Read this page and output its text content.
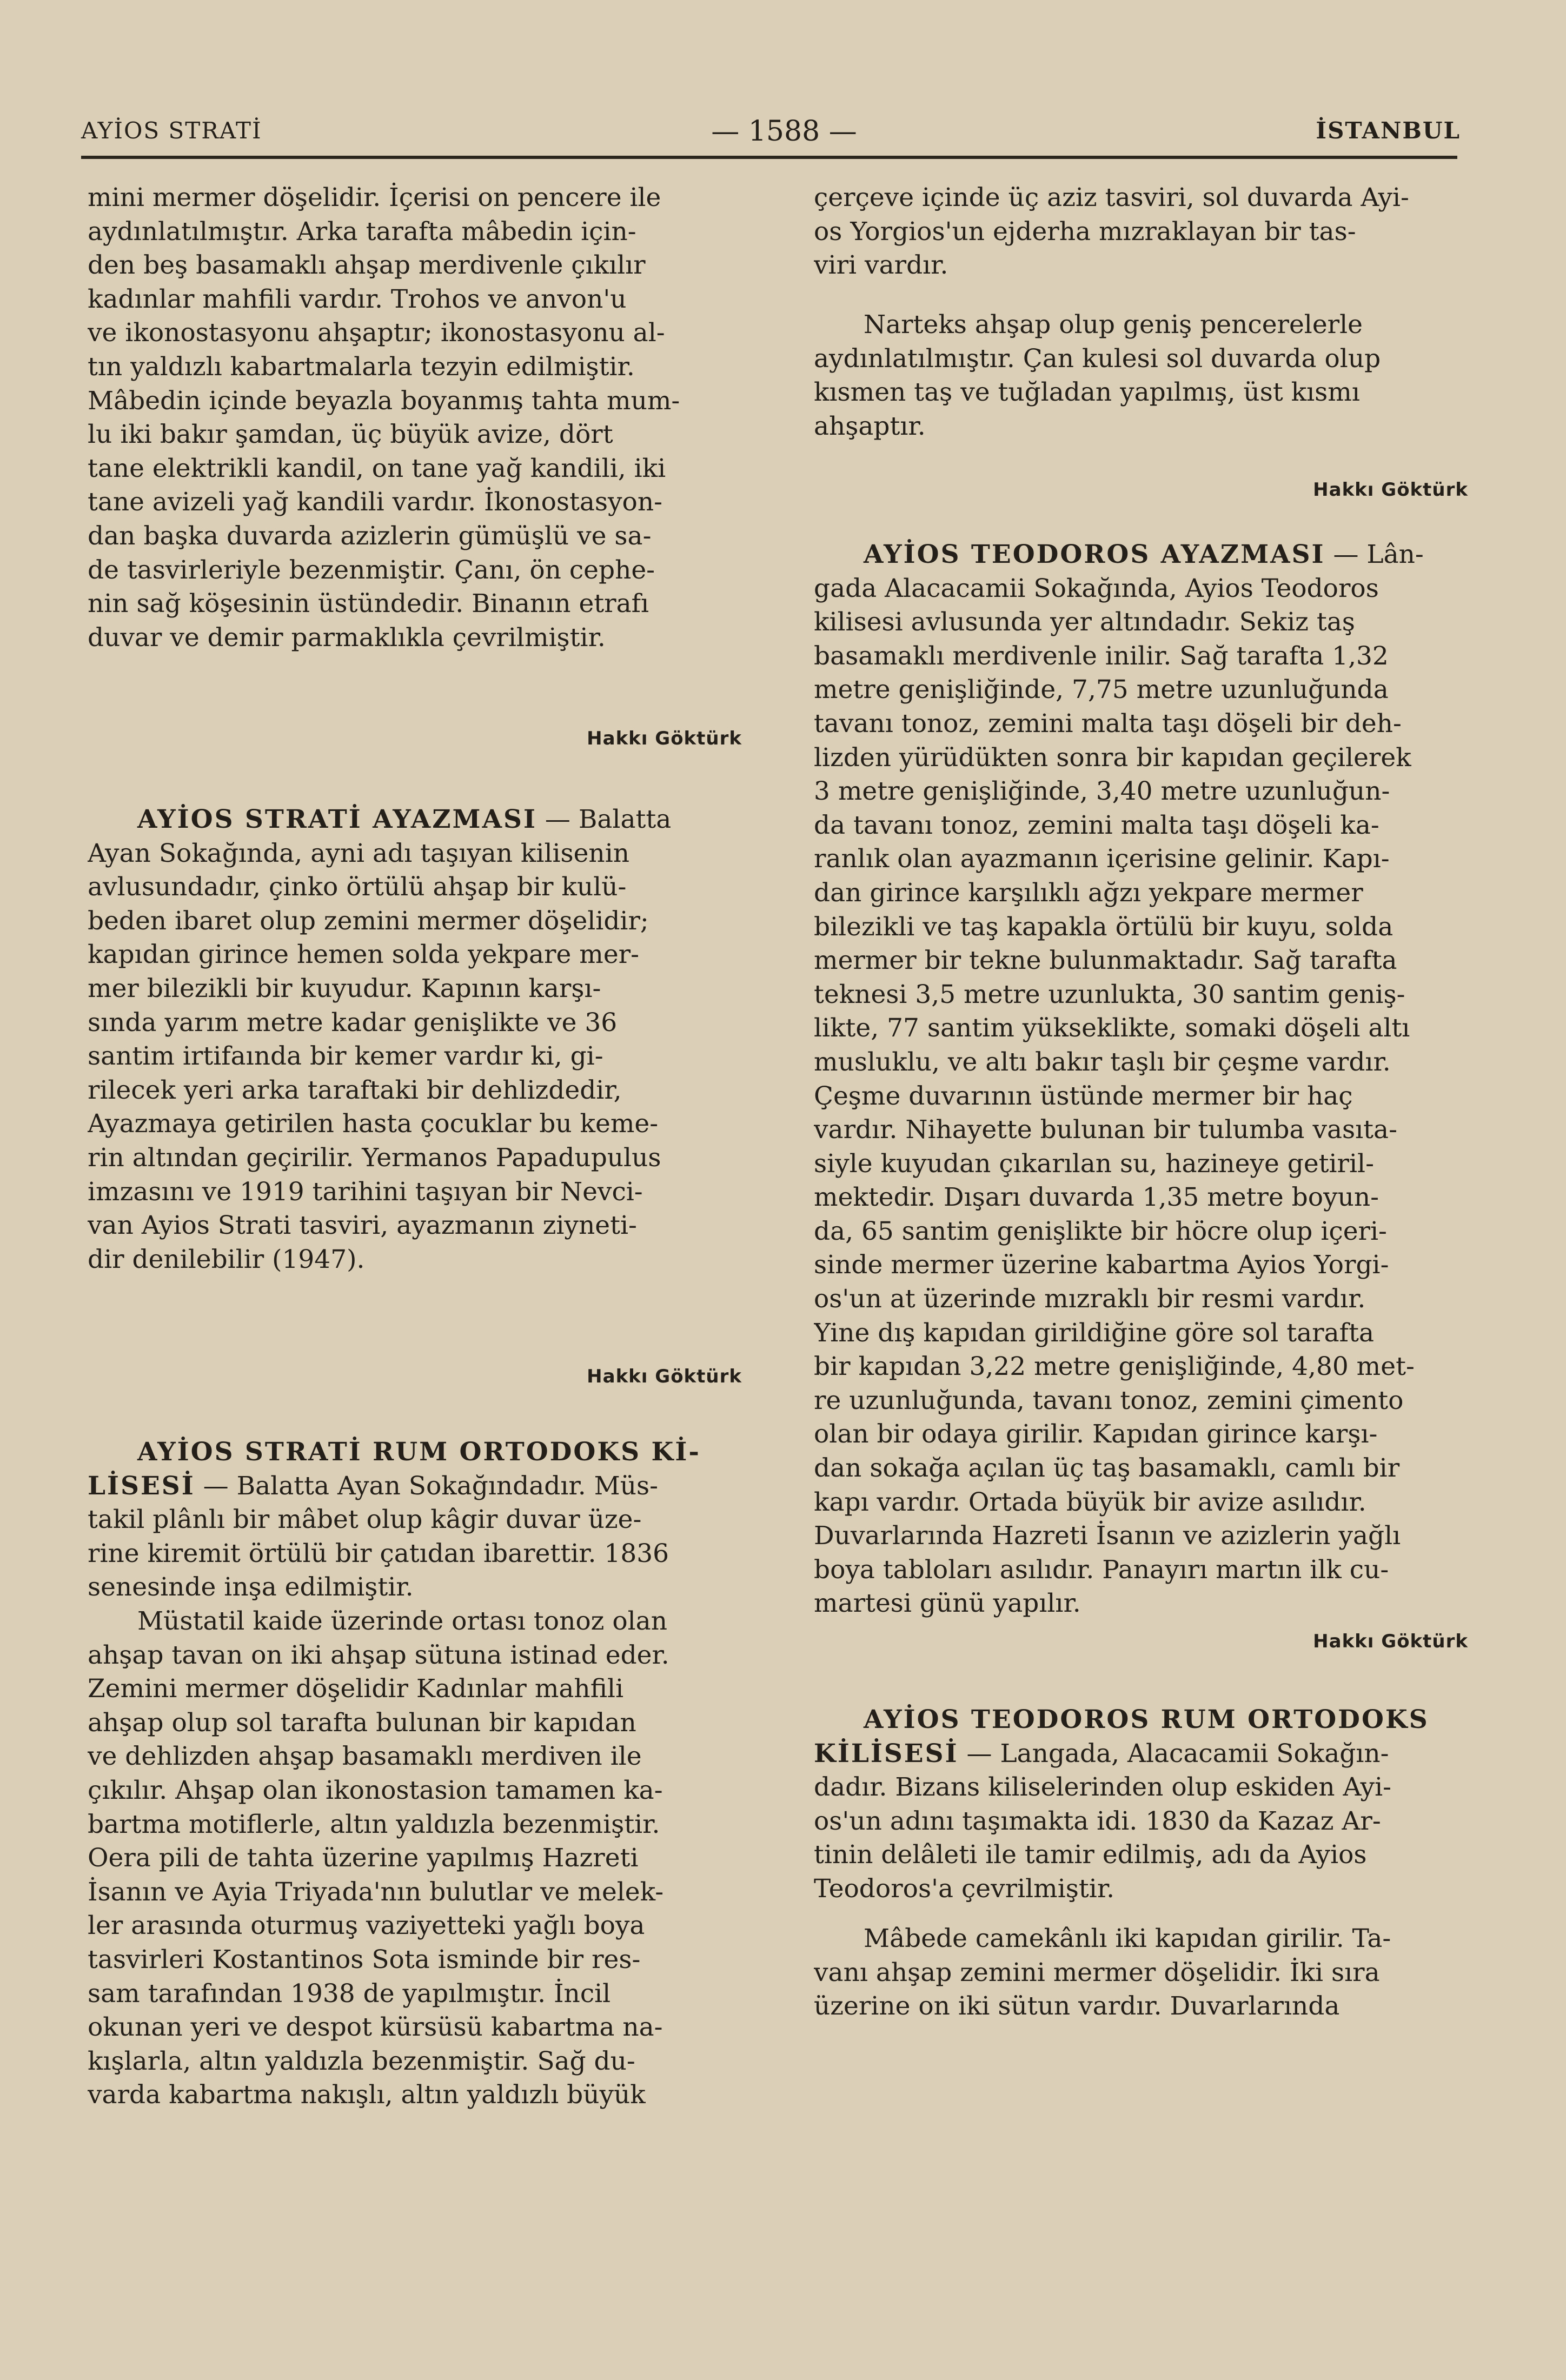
AYİOS STRATİ	— 1588 —	İSTANBUL
mini mermer döşelidir. İçerisi on pencere ile
aydınlatılmıştır. Arka tarafta mâbedin için-
den beş basamaklı ahşap merdivenle çıkılır
kadınlar mahfili vardır. Trohos ve anvon'u
ve ikonostasyonu ahşaptır; ikonostasyonu al-
tın yaldızlı kabartmalarla tezyin edilmiştir.
Mâbedin içinde beyazla boyanmış tahta mum-
lu iki bakır şamdan, üç büyük avize, dört
tane elektrikli kandil, on tane yağ kandili, iki
tane avizeli yağ kandili vardır. İkonostasyon-
dan başka duvarda azizlerin gümüşlü ve sa-
de tasvirleriyle bezenmiştir. Çanı, ön cephe-
nin sağ köşesinin üstündedir. Binanın etrafı
duvar ve demir parmaklıkla çevrilmiştir.
Hakkı Göktürk
AYİOS STRATİ AYAZMASI — Balatta
Ayan Sokağında, ayni adı taşıyan kilisenin
avlusundadır, çinko örtülü ahşap bir kulü-
beden ibaret olup zemini mermer döşelidir;
kapıdan girince hemen solda yekpare mer-
mer bilezikli bir kuyudur. Kapının karşı-
sında yarım metre kadar genişlikte ve 36
santim irtifaında bir kemer vardır ki, gi-
rilecek yeri arka taraftaki bir dehlizdedir,
Ayazmaya getirilen hasta çocuklar bu keme-
rin altından geçirilir. Yermanos Papadupulus
imzasını ve 1919 tarihini taşıyan bir Nevci-
van Ayios Strati tasviri, ayazmanın ziyneti-
dir denilebilir (1947).
Hakkı Göktürk
AYİOS STRATİ RUM ORTODOKS Kİ-
LİSESİ — Balatta Ayan Sokağındadır. Müs-
takil plânlı bir mâbet olup kâgir duvar üze-
rine kiremit örtülü bir çatıdan ibarettir. 1836
senesinde inşa edilmiştir.
Müstatil kaide üzerinde ortası tonoz olan
ahşap tavan on iki ahşap sütuna istinad eder.
Zemini mermer döşelidir Kadınlar mahfili
ahşap olup sol tarafta bulunan bir kapıdan
ve dehlizden ahşap basamaklı merdiven ile
çıkılır. Ahşap olan ikonostasion tamamen ka-
bartma motiflerle, altın yaldızla bezenmiştir.
Oera pili de tahta üzerine yapılmış Hazreti
İsanın ve Ayia Triyada'nın bulutlar ve melek-
ler arasında oturmuş vaziyetteki yağlı boya
tasvirleri Kostantinos Sota isminde bir res-
sam tarafından 1938 de yapılmıştır. İncil
okunan yeri ve despot kürsüsü kabartma na-
kışlarla, altın yaldızla bezenmiştir. Sağ du-
varda kabartma nakışlı, altın yaldızlı büyük
çerçeve içinde üç aziz tasviri, sol duvarda Ayi-
os Yorgios'un ejderha mızraklayan bir tas-
viri vardır.
Narteks ahşap olup geniş pencerelerle
aydınlatılmıştır. Çan kulesi sol duvarda olup
kısmen taş ve tuğladan yapılmış, üst kısmı
ahşaptır.
Hakkı Göktürk
AYİOS TEODOROS AYAZMASI — Lân-
gada Alacacamii Sokağında, Ayios Teodoros
kilisesi avlusunda yer altındadır. Sekiz taş
basamaklı merdivenle inilir. Sağ tarafta 1,32
metre genişliğinde, 7,75 metre uzunluğunda
tavanı tonoz, zemini malta taşı döşeli bir deh-
lizden yürüdükten sonra bir kapıdan geçilerek
3 metre genişliğinde, 3,40 metre uzunluğun-
da tavanı tonoz, zemini malta taşı döşeli ka-
ranlık olan ayazmanın içerisine gelinir. Kapı-
dan girince karşılıklı ağzı yekpare mermer
bilezikli ve taş kapakla örtülü bir kuyu, solda
mermer bir tekne bulunmaktadır. Sağ tarafta
teknesi 3,5 metre uzunlukta, 30 santim geniş-
likte, 77 santim yükseklikte, somaki döşeli altı
musluklu, ve altı bakır taşlı bir çeşme vardır.
Çeşme duvarının üstünde mermer bir haç
vardır. Nihayette bulunan bir tulumba vasıta-
siyle kuyudan çıkarılan su, hazineye getiril-
mektedir. Dışarı duvarda 1,35 metre boyun-
da, 65 santim genişlikte bir höcre olup içeri-
sinde mermer üzerine kabartma Ayios Yorgi-
os'un at üzerinde mızraklı bir resmi vardır.
Yine dış kapıdan girildiğine göre sol tarafta
bir kapıdan 3,22 metre genişliğinde, 4,80 met-
re uzunluğunda, tavanı tonoz, zemini çimento
olan bir odaya girilir. Kapıdan girince karşı-
dan sokağa açılan üç taş basamaklı, camlı bir
kapı vardır. Ortada büyük bir avize asılıdır.
Duvarlarında Hazreti İsanın ve azizlerin yağlı
boya tabloları asılıdır. Panayırı martın ilk cu-
martesi günü yapılır.
Hakkı Göktürk
AYİOS TEODOROS RUM ORTODOKS
KİLİSESİ — Langada, Alacacamii Sokağın-
dadır. Bizans kiliselerinden olup eskiden Ayi-
os'un adını taşımakta idi. 1830 da Kazaz Ar-
tinin delâleti ile tamir edilmiş, adı da Ayios
Teodoros'a çevrilmiştir.
Mâbede camekânlı iki kapıdan girilir. Ta-
vanı ahşap zemini mermer döşelidir. İki sıra
üzerine on iki sütun vardır. Duvarlarında
